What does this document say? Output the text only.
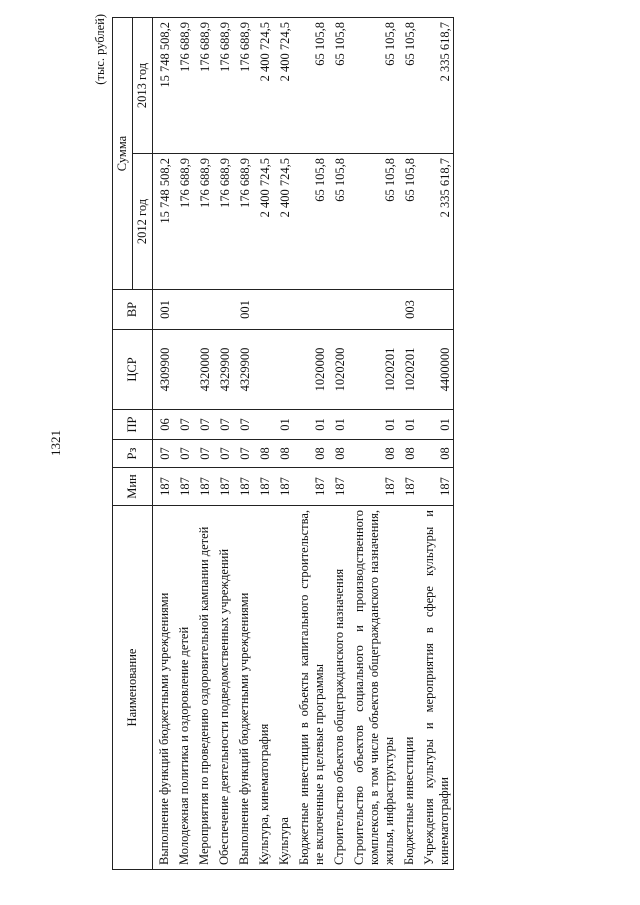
1321
(тыс. рублей)
Наименование	Мин	Рз	ПР	ЦСР	ВР	Сумма	
						2012 год	2013 год
Выполнение функций бюджетными учреждениями	187	07	06	4309900	001	15 748 508,2	15 748 508,2
Молодежная политика и оздоровление детей	187	07	07			176 688,9	176 688,9
Мероприятия по проведению оздоровительной кампании детей	187	07	07	4320000		176 688,9	176 688,9
Обеспечение деятельности подведомственных учреждений	187	07	07	4329900		176 688,9	176 688,9
Выполнение функций бюджетными учреждениями	187	07	07	4329900	001	176 688,9	176 688,9
Культура, кинематография	187	08				2 400 724,5	2 400 724,5
Культура	187	08	01			2 400 724,5	2 400 724,5
Бюджетные инвестиции в объекты капитального строительства, не включенные в целевые программы	187	08	01	1020000		65 105,8	65 105,8
Строительство объектов общегражданского назначения	187	08	01	1020200		65 105,8	65 105,8
Строительство объектов социального и производственного комплексов, в том числе объектов общегражданского назначения, жилья, инфраструктуры	187	08	01	1020201		65 105,8	65 105,8
Бюджетные инвестиции	187	08	01	1020201	003	65 105,8	65 105,8
Учреждения культуры и мероприятия в сфере культуры и кинематографии	187	08	01	4400000		2 335 618,7	2 335 618,7
